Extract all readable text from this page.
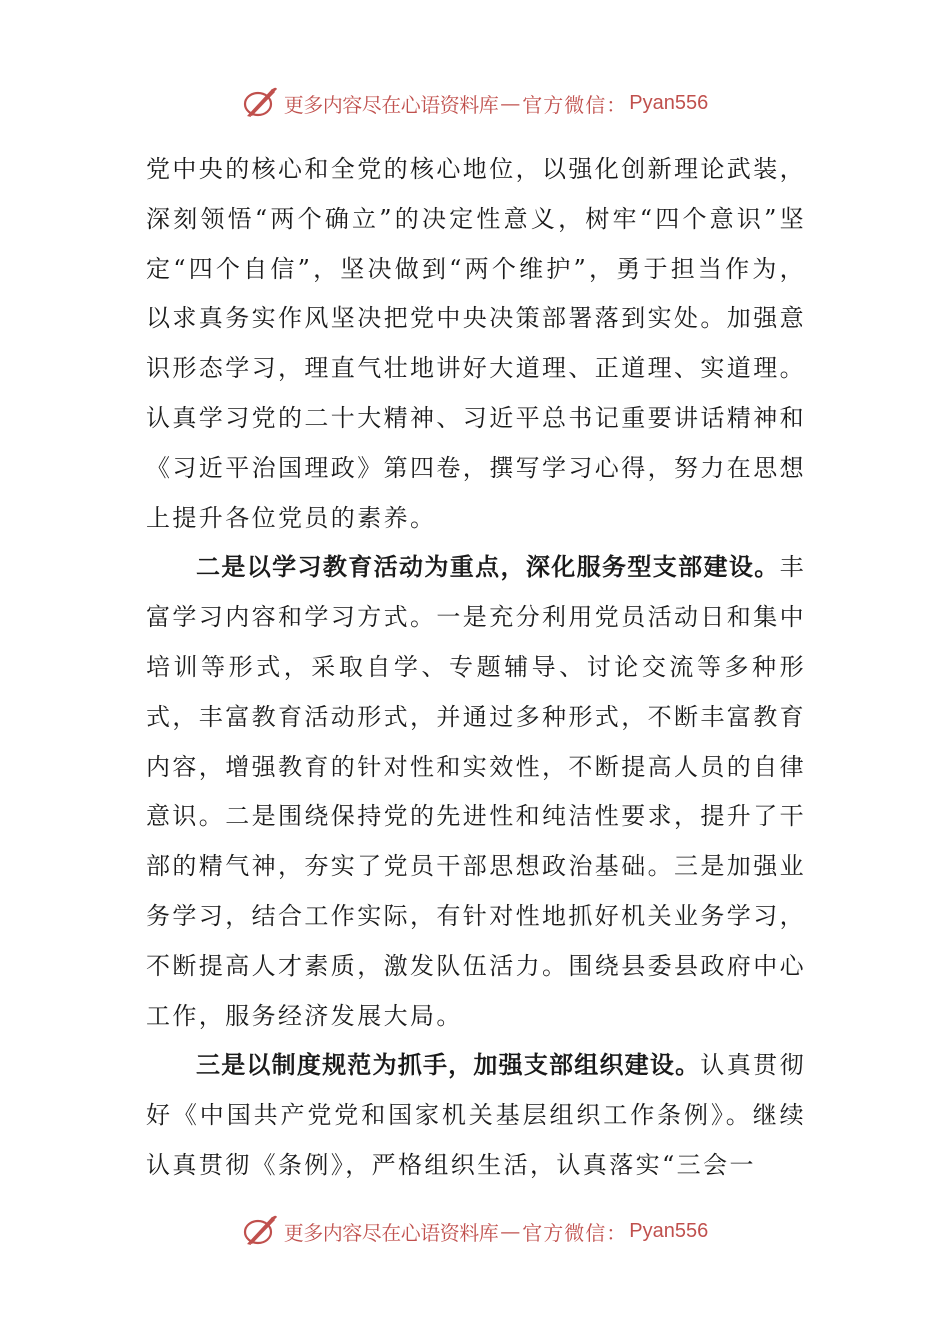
更多内容尽在心语资料库 — 官方微信： Pyan556

党中央的核心和全党的核心地位，以强化创新理论武装，深刻领悟“两个确立”的决定性意义，树牢“四个意识”坚定“四个自信”，坚决做到“两个维护”，勇于担当作为，以求真务实作风坚决把党中央决策部署落到实处。加强意识形态学习，理直气壮地讲好大道理、正道理、实道理。认真学习党的二十大精神、习近平总书记重要讲话精神和《习近平治国理政》第四卷，撰写学习心得，努力在思想上提升各位党员的素养。

二是以学习教育活动为重点，深化服务型支部建设。丰富学习内容和学习方式。一是充分利用党员活动日和集中培训等形式，采取自学、专题辅导、讨论交流等多种形式，丰富教育活动形式，并通过多种形式，不断丰富教育内容，增强教育的针对性和实效性，不断提高人员的自律意识。二是围绕保持党的先进性和纯洁性要求，提升了干部的精气神，夯实了党员干部思想政治基础。三是加强业务学习，结合工作实际，有针对性地抓好机关业务学习，不断提高人才素质，激发队伍活力。围绕县委县政府中心工作，服务经济发展大局。

三是以制度规范为抓手，加强支部组织建设。认真贯彻好《中国共产党党和国家机关基层组织工作条例》。继续认真贯彻《条例》，严格组织生活，认真落实“三会一

更多内容尽在心语资料库 — 官方微信： Pyan556
